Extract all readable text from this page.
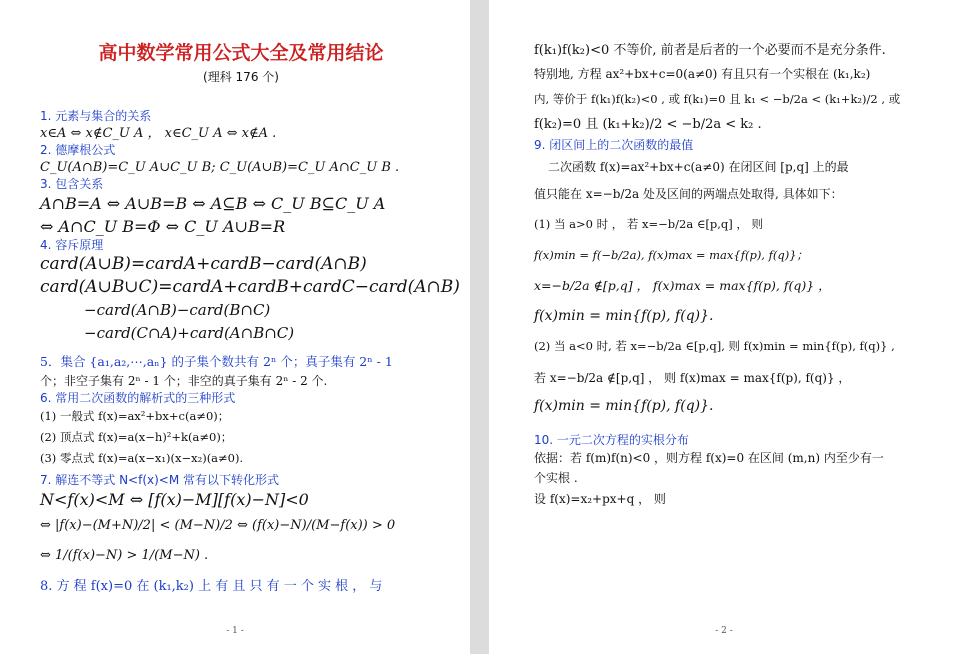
高中数学常用公式大全及常用结论
(理科 176 个)
1. 元素与集合的关系
x∈A ⇔ x∉C_U A ， x∈C_U A ⇔ x∉A .
2. 德摩根公式
C_U(A∩B)=C_U A∪C_U B; C_U(A∪B)=C_U A∩C_U B .
3. 包含关系
A∩B=A ⇔ A∪B=B ⇔ A⊆B ⇔ C_U B⊆C_U A
⇔ A∩C_U B=Φ ⇔ C_U A∪B=R
4. 容斥原理
card(A∪B)=cardA+cardB−card(A∩B)
card(A∪B∪C)=cardA+cardB+cardC−card(A∩B)
−card(A∩B)−card(B∩C)−card(C∩A)+card(A∩B∩C)
5．集合 {a₁,a₂,⋯,aₙ} 的子集个数共有 2ⁿ 个；真子集有 2ⁿ - 1
个；非空子集有 2ⁿ - 1 个；非空的真子集有 2ⁿ - 2 个.
6. 常用二次函数的解析式的三种形式
(1) 一般式 f(x)=ax²+bx+c(a≠0)；
(2) 顶点式 f(x)=a(x−h)²+k(a≠0)；
(3) 零点式 f(x)=a(x−x₁)(x−x₂)(a≠0).
7. 解连不等式 N<f(x)<M 常有以下转化形式
N<f(x)<M ⇔ [f(x)−M][f(x)−N]<0
⇔ |f(x)−(M+N)/2| < (M−N)/2 ⇔ (f(x)−N)/(M−f(x)) > 0
⇔ 1/(f(x)−N) > 1/(M−N) .
8. 方 程 f(x)=0 在 (k₁,k₂) 上 有 且 只 有 一 个 实 根 ， 与
- 1 -
f(k₁)f(k₂)<0 不等价, 前者是后者的一个必要而不是充分条件.
特别地, 方程 ax²+bx+c=0(a≠0) 有且只有一个实根在 (k₁,k₂)
内, 等价于 f(k₁)f(k₂)<0 , 或 f(k₁)=0 且 k₁ < −b/2a < (k₁+k₂)/2 , 或
f(k₂)=0 且 (k₁+k₂)/2 < −b/2a < k₂ .
9. 闭区间上的二次函数的最值
二次函数 f(x)=ax²+bx+c(a≠0) 在闭区间 [p,q] 上的最
值只能在 x=−b/2a 处及区间的两端点处取得, 具体如下：
(1) 当 a>0 时 ， 若 x=−b/2a ∈[p,q] ， 则
f(x)min = f(−b/2a), f(x)max = max{f(p), f(q)}；
x=−b/2a ∉[p,q] ， f(x)max = max{f(p), f(q)} ，
f(x)min = min{f(p), f(q)}.
(2) 当 a<0 时, 若 x=−b/2a ∈[p,q], 则 f(x)min = min{f(p), f(q)} ,
若 x=−b/2a ∉[p,q] ， 则 f(x)max = max{f(p), f(q)} ，
f(x)min = min{f(p), f(q)}.
10. 一元二次方程的实根分布
依据：若 f(m)f(n)<0 ，则方程 f(x)=0 在区间 (m,n) 内至少有一
个实根 .
设 f(x)=x₂+px+q ， 则
- 2 -
